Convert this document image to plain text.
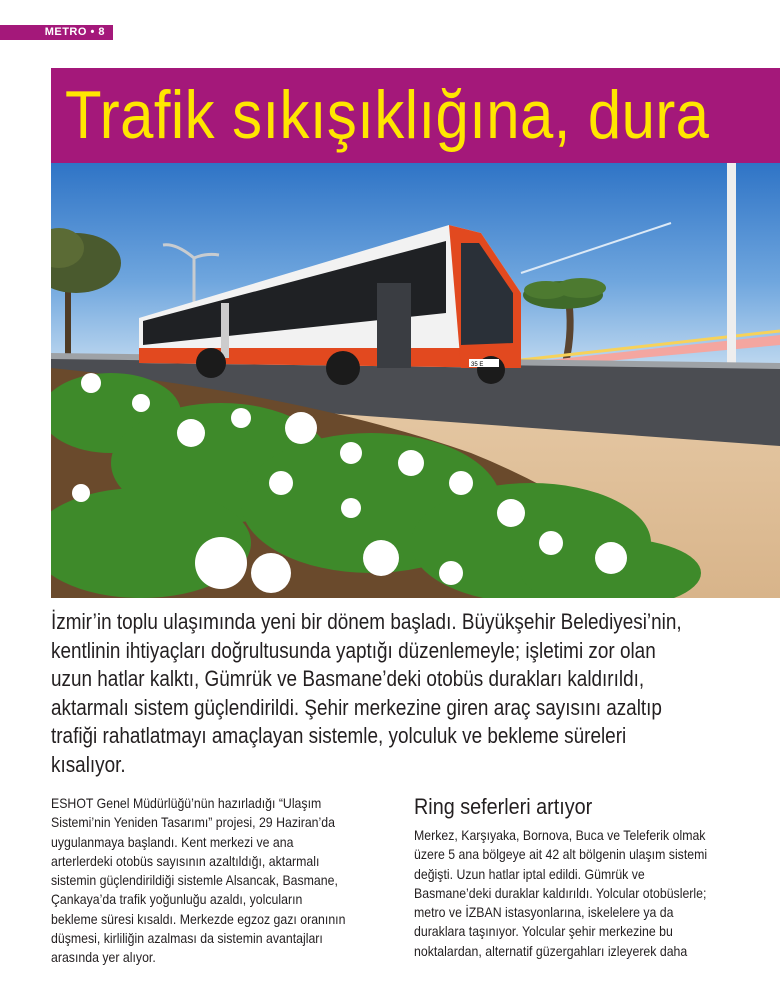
METRO • 8
Trafik sıkışıklığına, dura
35 E

İzmir’in toplu ulaşımında yeni bir dönem başladı. Büyükşehir Belediyesi’nin,
kentlinin ihtiyaçları doğrultusunda yaptığı düzenlemeyle; işletimi zor olan
uzun hatlar kalktı, Gümrük ve Basmane’deki otobüs durakları kaldırıldı,
aktarmalı sistem güçlendirildi. Şehir merkezine giren araç sayısını azaltıp
trafiği rahatlatmayı amaçlayan sistemle, yolculuk ve bekleme süreleri
kısalıyor.

ESHOT Genel Müdürlüğü’nün hazırladığı “Ulaşım
Sistemi’nin Yeniden Tasarımı” projesi, 29 Haziran’da
uygulanmaya başlandı. Kent merkezi ve ana
arterlerdeki otobüs sayısının azaltıldığı, aktarmalı
sistemin güçlendirildiği sistemle Alsancak, Basmane,
Çankaya’da trafik yoğunluğu azaldı, yolcuların
bekleme süresi kısaldı. Merkezde egzoz gazı oranının
düşmesi, kirliliğin azalması da sistemin avantajları
arasında yer alıyor.
Ring seferleri artıyor
Merkez, Karşıyaka, Bornova, Buca ve Teleferik olmak
üzere 5 ana bölgeye ait 42 alt bölgenin ulaşım sistemi
değişti. Uzun hatlar iptal edildi. Gümrük ve
Basmane’deki duraklar kaldırıldı. Yolcular otobüslerle;
metro ve İZBAN istasyonlarına, iskelelere ya da
duraklara taşınıyor. Yolcular şehir merkezine bu
noktalardan, alternatif güzergahları izleyerek daha
